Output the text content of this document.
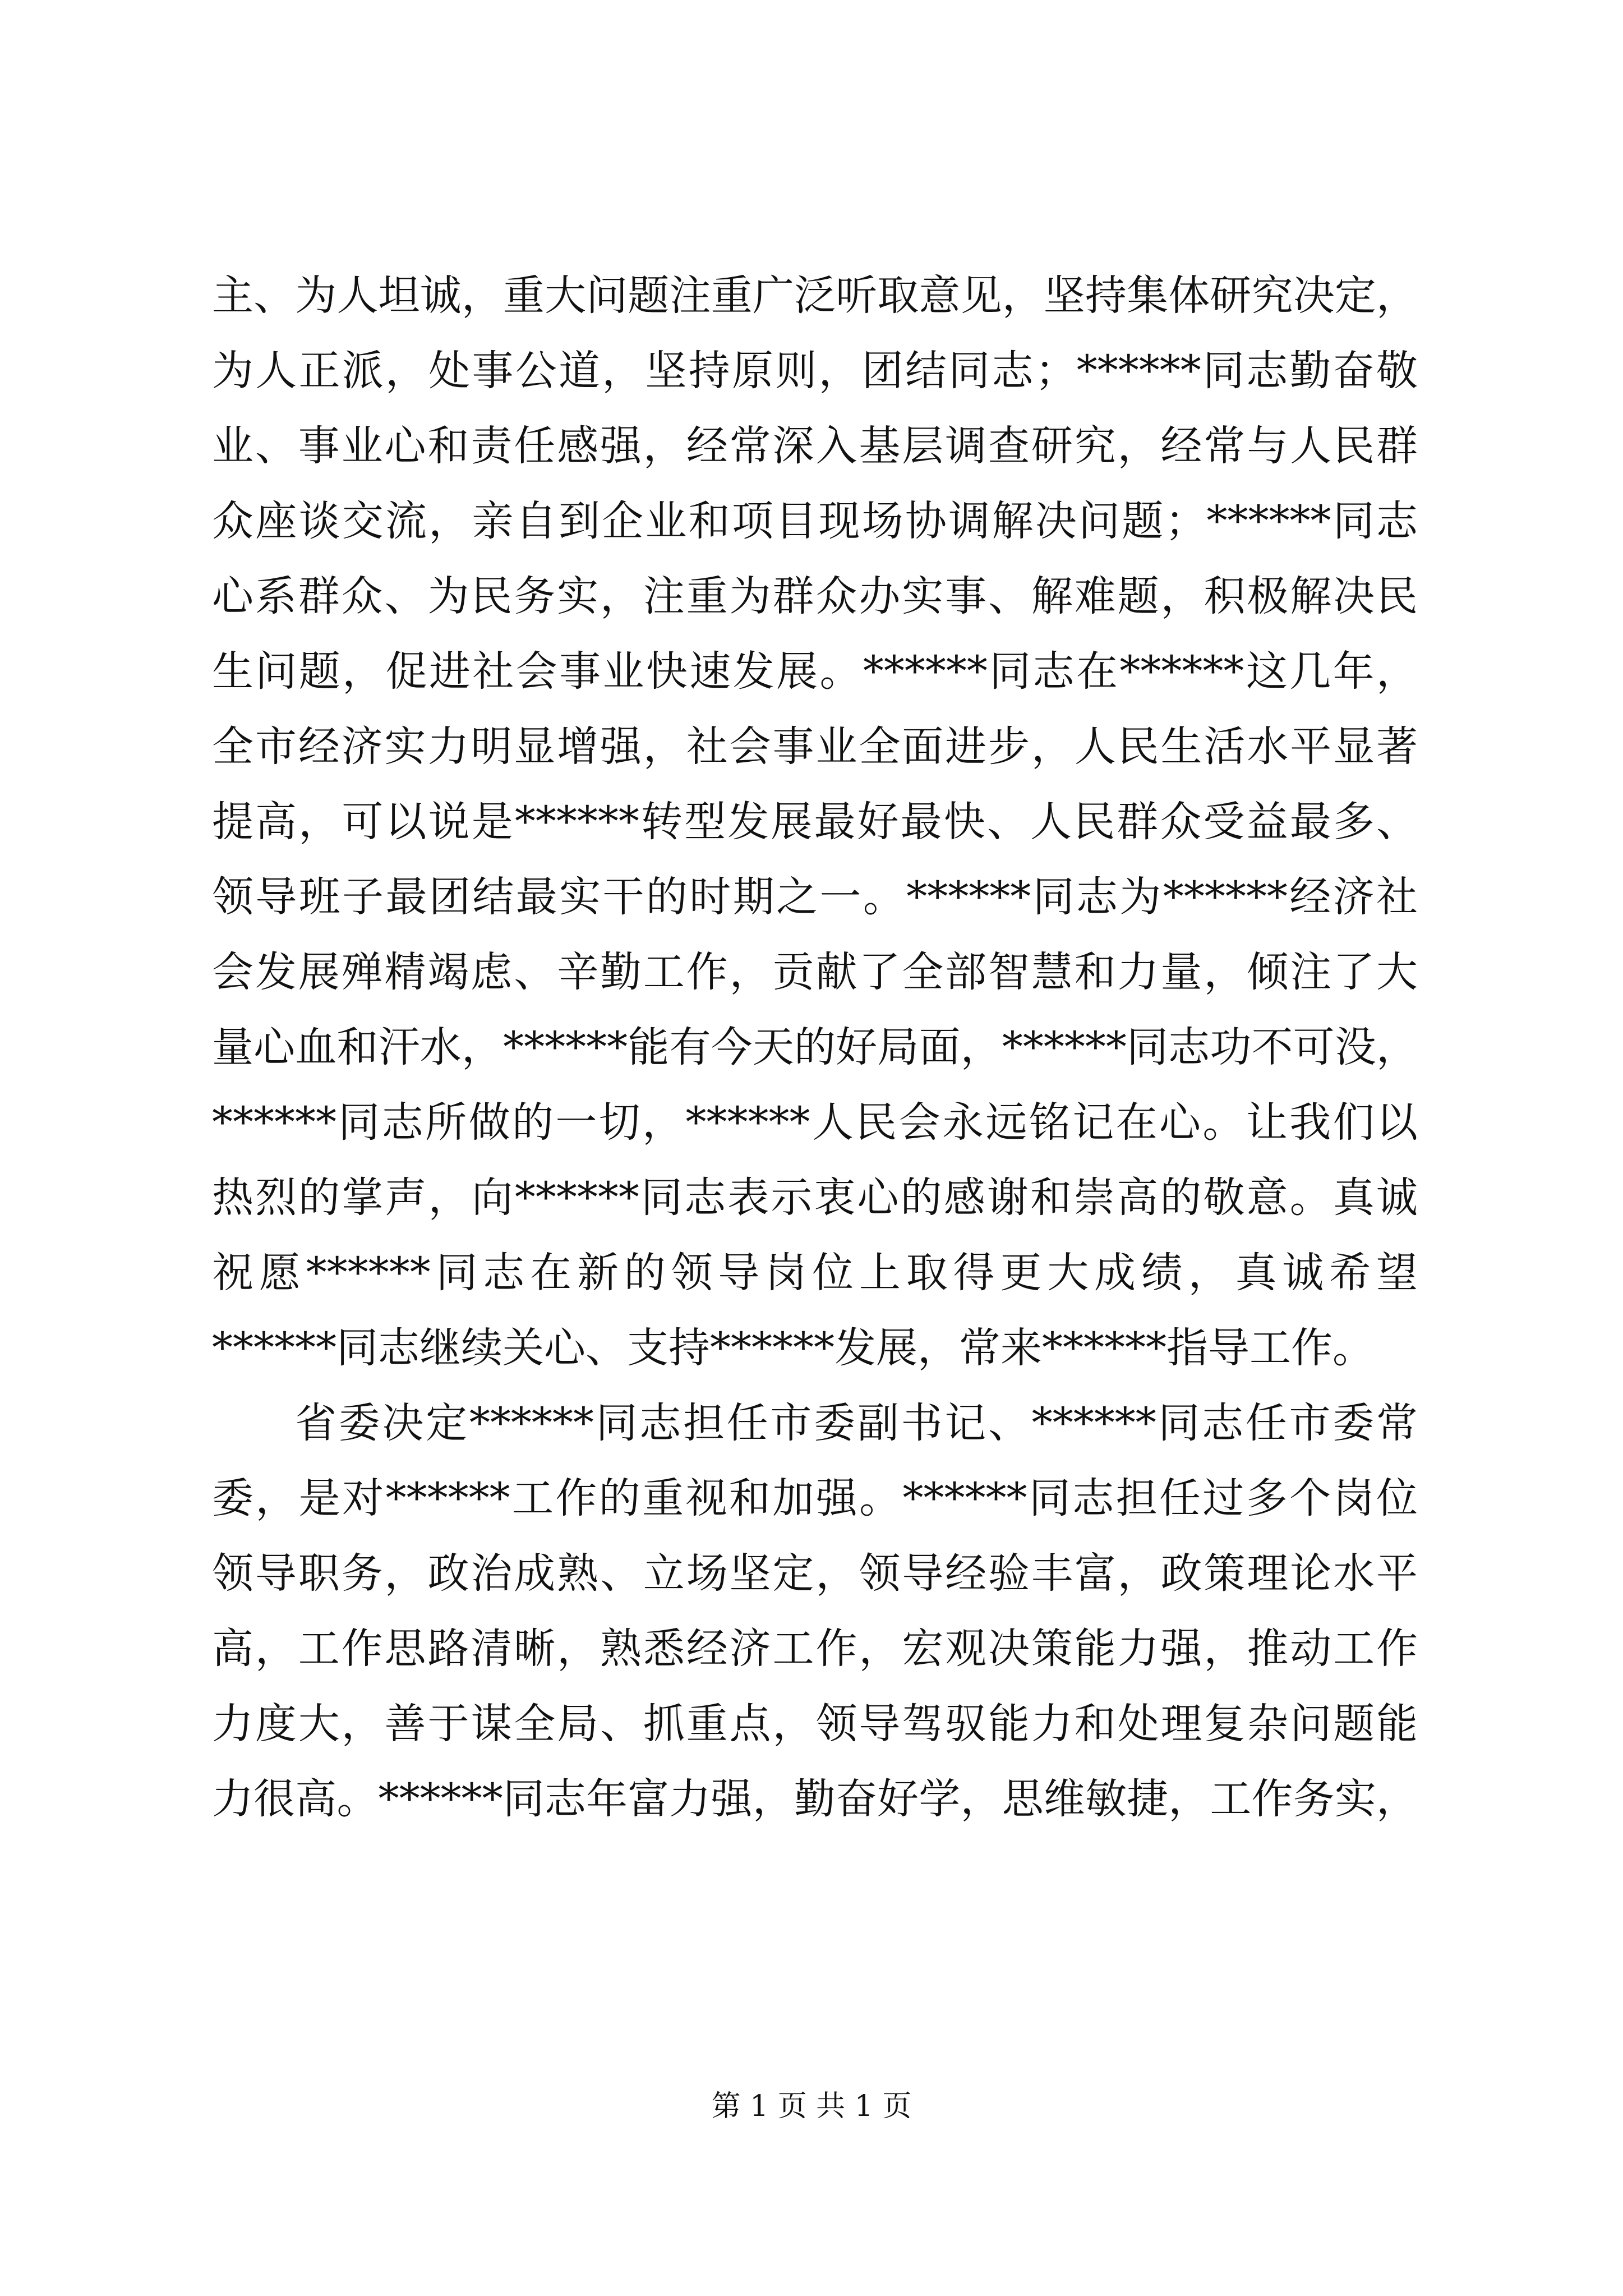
主、为人坦诚，重大问题注重广泛听取意见，坚持集体研究决定，
为人正派，处事公道，坚持原则，团结同志；******同志勤奋敬
业、事业心和责任感强，经常深入基层调查研究，经常与人民群
众座谈交流，亲自到企业和项目现场协调解决问题；******同志
心系群众、为民务实，注重为群众办实事、解难题，积极解决民
生问题，促进社会事业快速发展。******同志在******这几年，
全市经济实力明显增强，社会事业全面进步，人民生活水平显著
提高，可以说是******转型发展最好最快、人民群众受益最多、
领导班子最团结最实干的时期之一。******同志为******经济社
会发展殚精竭虑、辛勤工作，贡献了全部智慧和力量，倾注了大
量心血和汗水，******能有今天的好局面，******同志功不可没，
******同志所做的一切，******人民会永远铭记在心。让我们以
热烈的掌声，向******同志表示衷心的感谢和崇高的敬意。真诚
祝愿******同志在新的领导岗位上取得更大成绩，真诚希望
******同志继续关心、支持******发展，常来******指导工作。
省委决定******同志担任市委副书记、******同志任市委常
委，是对******工作的重视和加强。******同志担任过多个岗位
领导职务，政治成熟、立场坚定，领导经验丰富，政策理论水平
高，工作思路清晰，熟悉经济工作，宏观决策能力强，推动工作
力度大，善于谋全局、抓重点，领导驾驭能力和处理复杂问题能
力很高。******同志年富力强，勤奋好学，思维敏捷，工作务实，
第 1 页 共 1 页
